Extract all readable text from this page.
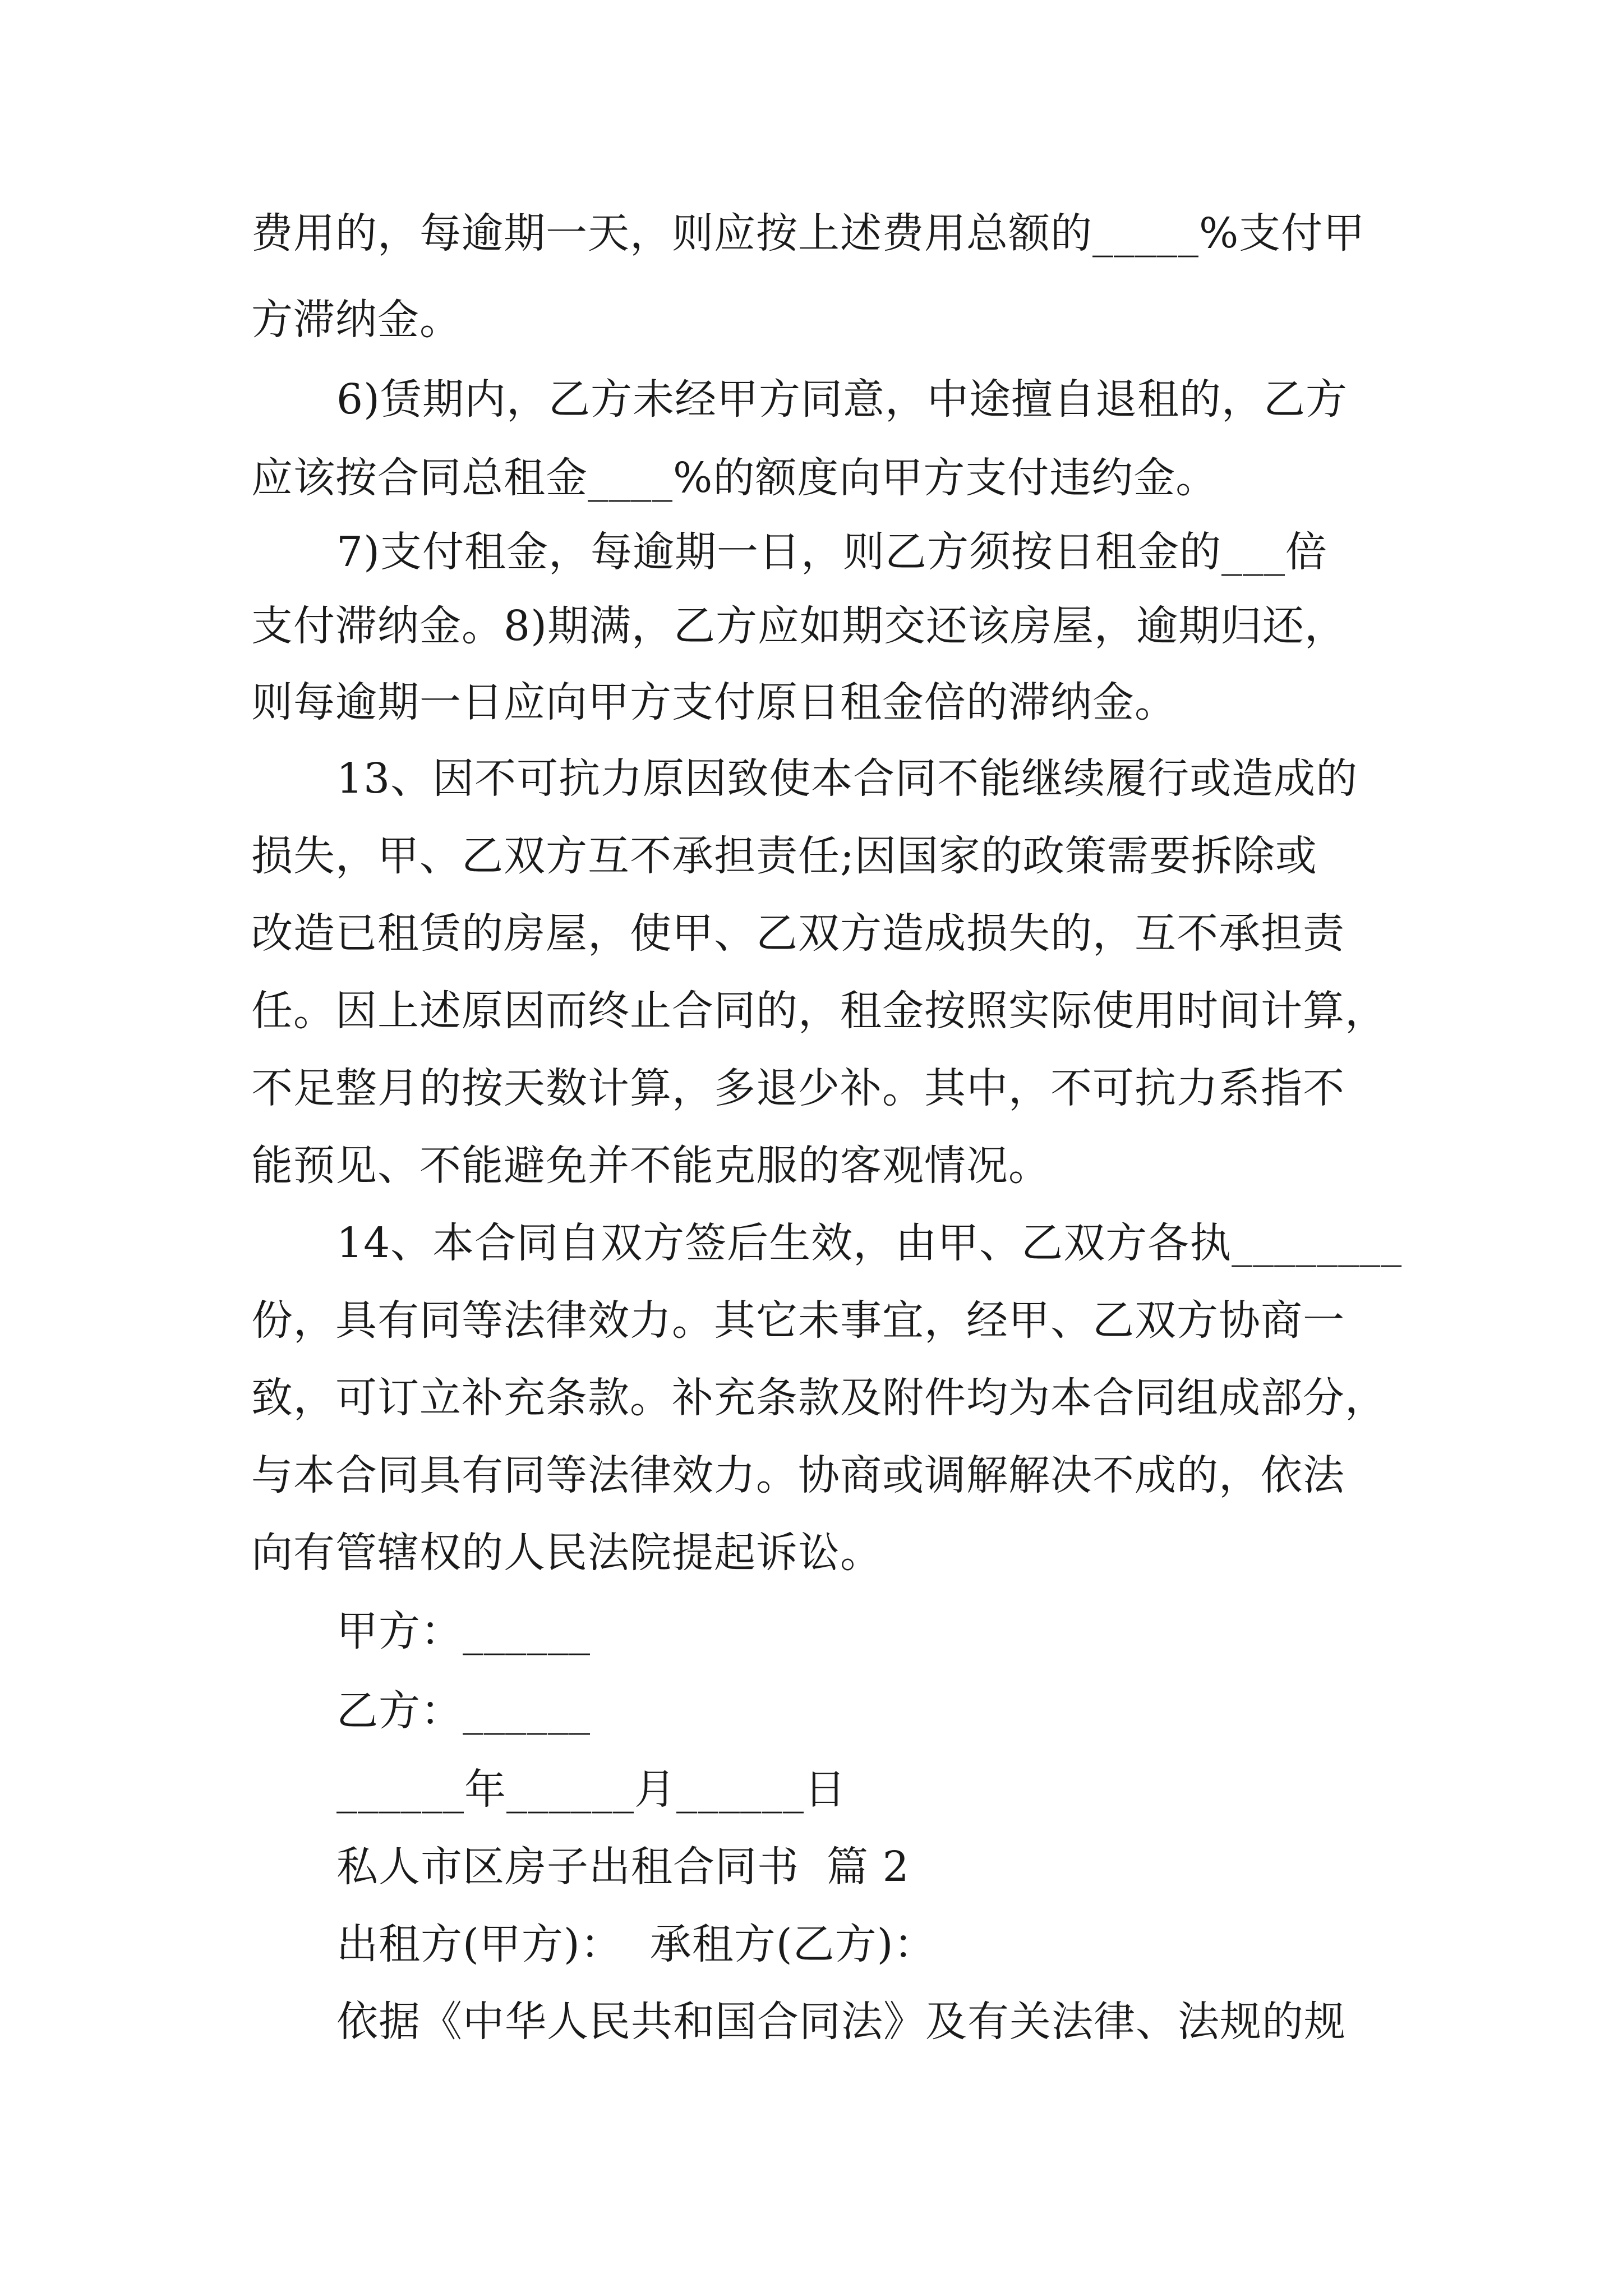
费用的，每逾期一天，则应按上述费用总额的_____%支付甲

方滞纳金。

6)赁期内，乙方未经甲方同意，中途擅自退租的，乙方

应该按合同总租金____%的额度向甲方支付违约金。

7)支付租金，每逾期一日，则乙方须按日租金的___倍

支付滞纳金。8)期满，乙方应如期交还该房屋，逾期归还，

则每逾期一日应向甲方支付原日租金倍的滞纳金。

13、因不可抗力原因致使本合同不能继续履行或造成的

损失，甲、乙双方互不承担责任;因国家的政策需要拆除或

改造已租赁的房屋，使甲、乙双方造成损失的，互不承担责

任。因上述原因而终止合同的，租金按照实际使用时间计算，

不足整月的按天数计算，多退少补。其中，不可抗力系指不

能预见、不能避免并不能克服的客观情况。

14、本合同自双方签后生效，由甲、乙双方各执________

份，具有同等法律效力。其它未事宜，经甲、乙双方协商一

致，可订立补充条款。补充条款及附件均为本合同组成部分，

与本合同具有同等法律效力。协商或调解解决不成的，依法

向有管辖权的人民法院提起诉讼。

甲方：______

乙方：______

______年______月______日

私人市区房子出租合同书  篇 2

出租方(甲方)：  承租方(乙方)：

依据《中华人民共和国合同法》及有关法律、法规的规
